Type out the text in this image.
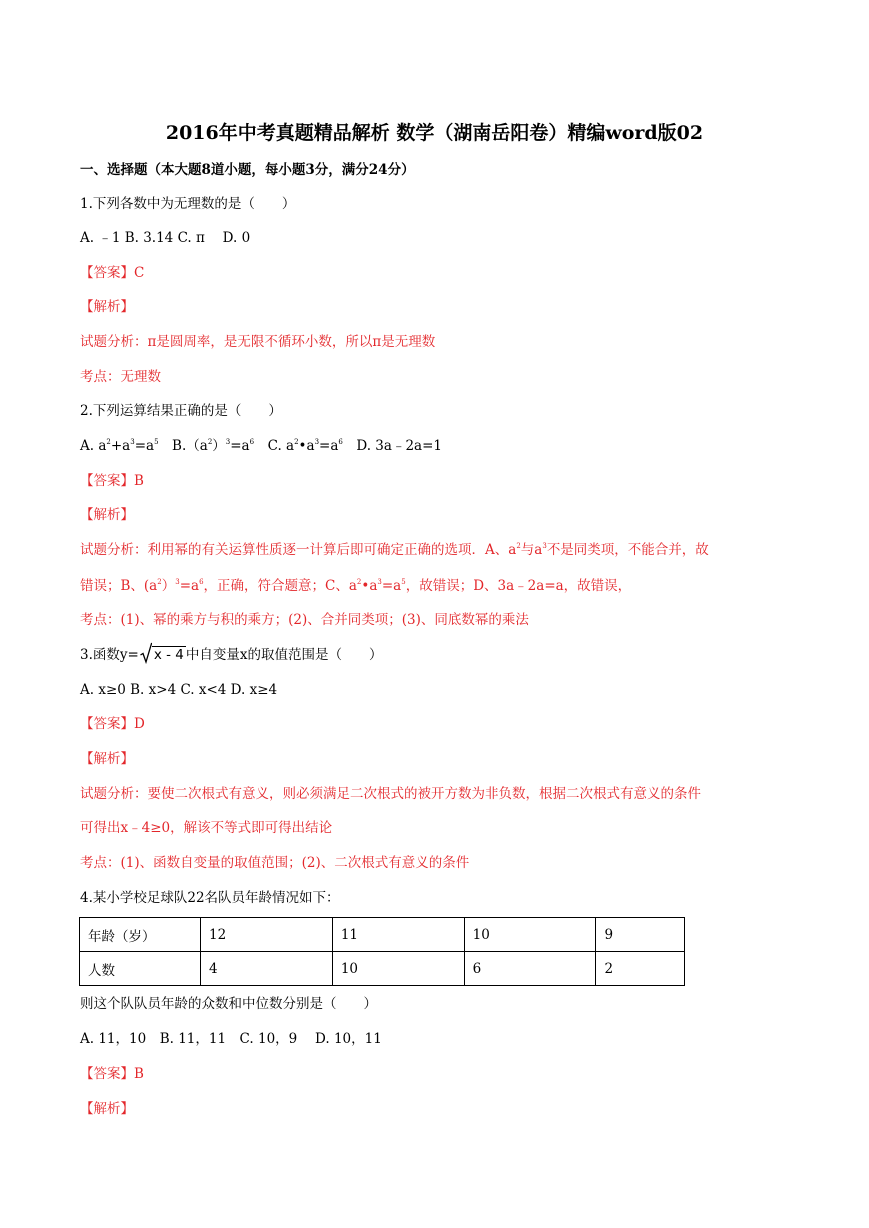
2016年中考真题精品解析 数学（湖南岳阳卷）精编word版02
一、选择题（本大题8道小题，每小题3分，满分24分）
1.下列各数中为无理数的是（　　）
A. ﹣1 B. 3.14 C. π　 D. 0
【答案】C
【解析】
试题分析：π是圆周率，是无限不循环小数，所以π是无理数
考点：无理数
2.下列运算结果正确的是（　　）
A. $a^2+a^3=a^5$　$B.(a^2)^3=a^6$　C. $a^2•a^3=a^6$　D. 3a﹣2a=1
【答案】B
【解析】
试题分析：利用幂的有关运算性质逐一计算后即可确定正确的选项．A、$a^2$与$a^3$不是同类项，不能合并，故
错误；B、$(a^2)^3=a^6$，正确，符合题意；C、$a^2•a^3=a^5$，故错误；D、3a﹣2a=a，故错误，
考点：(1)、幂的乘方与积的乘方；(2)、合并同类项；(3)、同底数幂的乘法
3.函数y= x - 4 中自变量x的取值范围是（　　）
A. x≥0 B. x>4 C. x<4 D. x≥4
【答案】D
【解析】
试题分析：要使二次根式有意义，则必须满足二次根式的被开方数为非负数，根据二次根式有意义的条件
可得出x﹣4≥0，解该不等式即可得出结论
考点：(1)、函数自变量的取值范围；(2)、二次根式有意义的条件
4.某小学校足球队22名队员年龄情况如下：
年龄（岁）	12	11	10	9
人数	4	10	6	2
则这个队队员年龄的众数和中位数分别是（　　）
A. 11，10　B. 11，11　C. 10，9　 D. 10，11
【答案】B
【解析】
